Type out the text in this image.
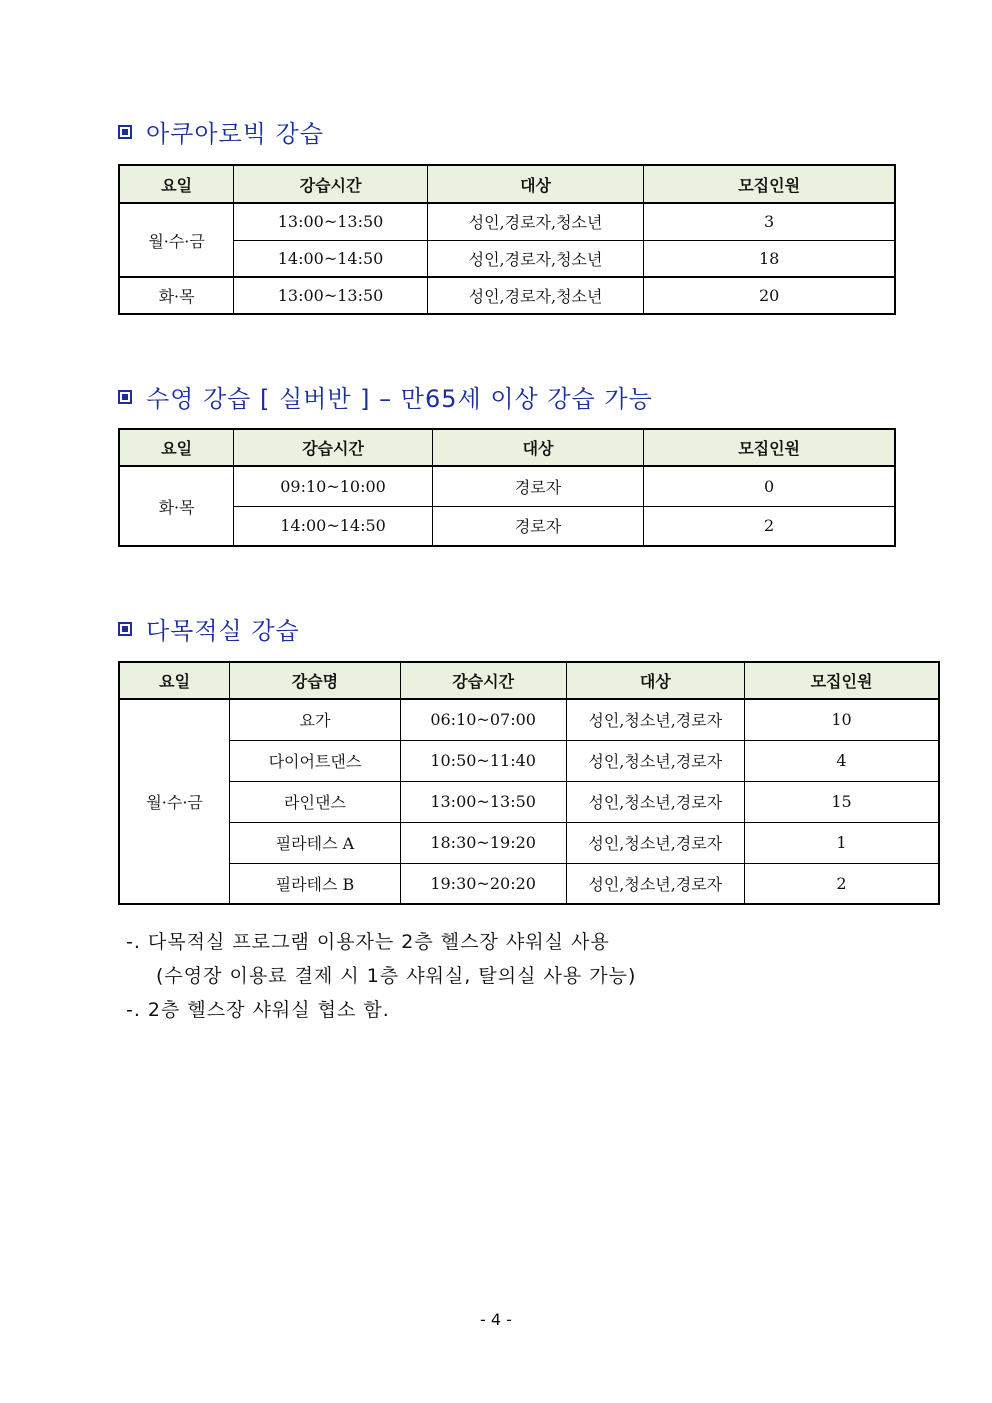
아쿠아로빅 강습
요일	강습시간	대상	모집인원
월·수·금	13:00~13:50	성인,경로자,청소년	3
	14:00~14:50	성인,경로자,청소년	18
화·목	13:00~13:50	성인,경로자,청소년	20
수영 강습 [ 실버반 ] – 만65세 이상 강습 가능
요일	강습시간	대상	모집인원
화·목	09:10~10:00	경로자	0
	14:00~14:50	경로자	2
다목적실 강습
요일	강습명	강습시간	대상	모집인원
월·수·금	요가	06:10~07:00	성인,청소년,경로자	10
	다이어트댄스	10:50~11:40	성인,청소년,경로자	4
	라인댄스	13:00~13:50	성인,청소년,경로자	15
	필라테스 A	18:30~19:20	성인,청소년,경로자	1
	필라테스 B	19:30~20:20	성인,청소년,경로자	2
-. 다목적실 프로그램 이용자는 2층 헬스장 샤워실 사용
(수영장 이용료 결제 시 1층 샤워실, 탈의실 사용 가능)
-. 2층 헬스장 샤워실 협소 함.
- 4 -
